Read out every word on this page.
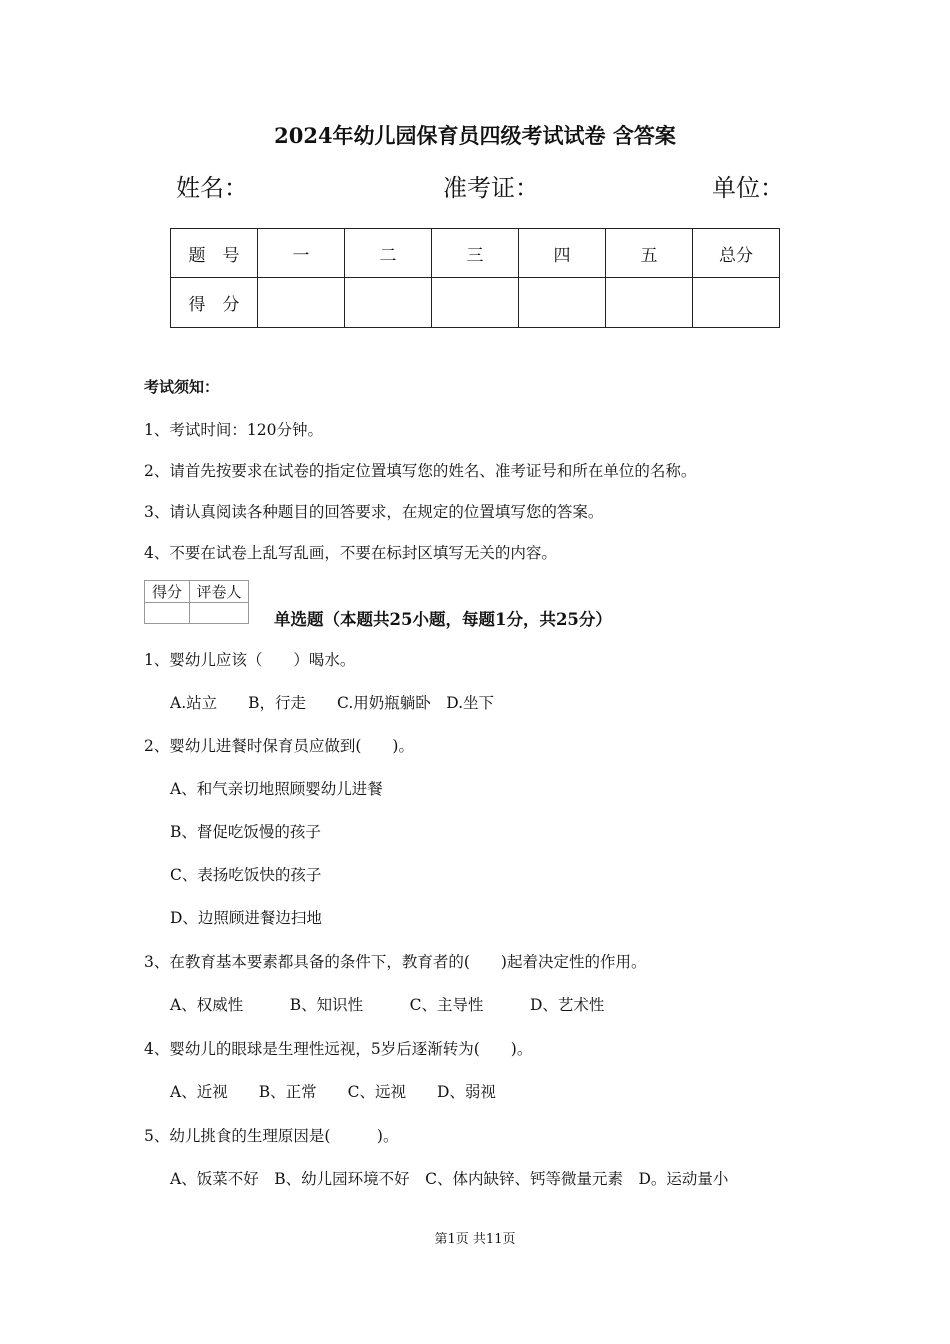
2024年幼儿园保育员四级考试试卷 含答案
姓名：	准考证：	单位：
题　号	一	二	三	四	五	总分
得　分						
考试须知：
1、考试时间：120分钟。
2、请首先按要求在试卷的指定位置填写您的姓名、准考证号和所在单位的名称。
3、请认真阅读各种题目的回答要求，在规定的位置填写您的答案。
4、不要在试卷上乱写乱画，不要在标封区填写无关的内容。
得分	评卷人

单选题（本题共25小题，每题1分，共25分）
1、婴幼儿应该（　　）喝水。
A.站立　　B，行走　　C.用奶瓶躺卧　D.坐下
2、婴幼儿进餐时保育员应做到(　　)。
A、和气亲切地照顾婴幼儿进餐
B、督促吃饭慢的孩子
C、表扬吃饭快的孩子
D、边照顾进餐边扫地
3、在教育基本要素都具备的条件下，教育者的(　　)起着决定性的作用。
A、权威性　　　B、知识性　　　C、主导性　　　D、艺术性
4、婴幼儿的眼球是生理性远视，5岁后逐渐转为(　　)。
A、近视　　B、正常　　C、远视　　D、弱视
5、幼儿挑食的生理原因是(　　　)。
A、饭菜不好　B、幼儿园环境不好　C、体内缺锌、钙等微量元素　D。运动量小
第1页 共11页
